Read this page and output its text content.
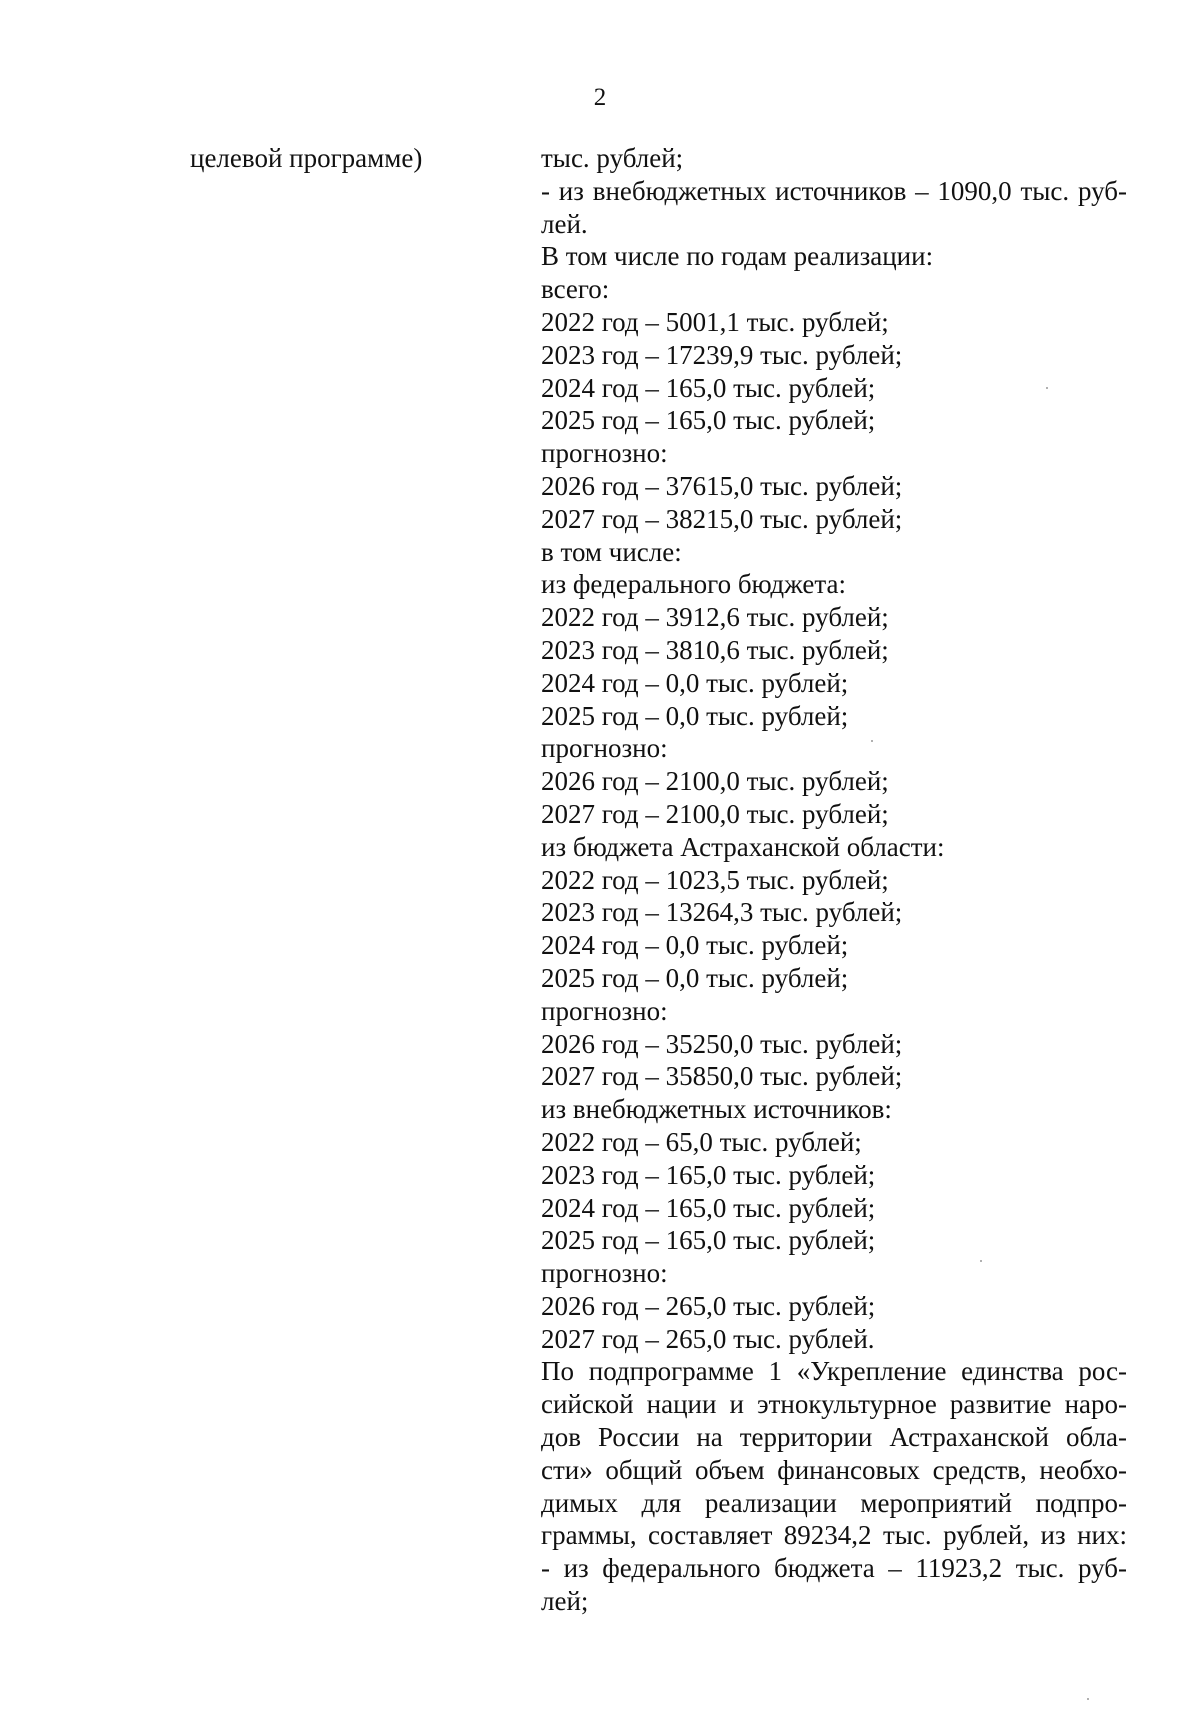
2
целевой программе)	тыс. рублей;
- из внебюджетных источников – 1090,0 тыс. руб-
лей.
В том числе по годам реализации:
всего:
2022 год – 5001,1 тыс. рублей;
2023 год – 17239,9 тыс. рублей;
2024 год – 165,0 тыс. рублей;
2025 год – 165,0 тыс. рублей;
прогнозно:
2026 год – 37615,0 тыс. рублей;
2027 год – 38215,0 тыс. рублей;
в том числе:
из федерального бюджета:
2022 год – 3912,6 тыс. рублей;
2023 год – 3810,6 тыс. рублей;
2024 год – 0,0 тыс. рублей;
2025 год – 0,0 тыс. рублей;
прогнозно:
2026 год – 2100,0 тыс. рублей;
2027 год – 2100,0 тыс. рублей;
из бюджета Астраханской области:
2022 год – 1023,5 тыс. рублей;
2023 год – 13264,3 тыс. рублей;
2024 год – 0,0 тыс. рублей;
2025 год – 0,0 тыс. рублей;
прогнозно:
2026 год – 35250,0 тыс. рублей;
2027 год – 35850,0 тыс. рублей;
из внебюджетных источников:
2022 год – 65,0 тыс. рублей;
2023 год – 165,0 тыс. рублей;
2024 год – 165,0 тыс. рублей;
2025 год – 165,0 тыс. рублей;
прогнозно:
2026 год – 265,0 тыс. рублей;
2027 год – 265,0 тыс. рублей.
По подпрограмме 1 «Укрепление единства рос-
сийской нации и этнокультурное развитие наро-
дов России на территории Астраханской обла-
сти» общий объем финансовых средств, необхо-
димых для реализации мероприятий подпро-
граммы, составляет 89234,2 тыс. рублей, из них:
- из федерального бюджета – 11923,2 тыс. руб-
лей;
